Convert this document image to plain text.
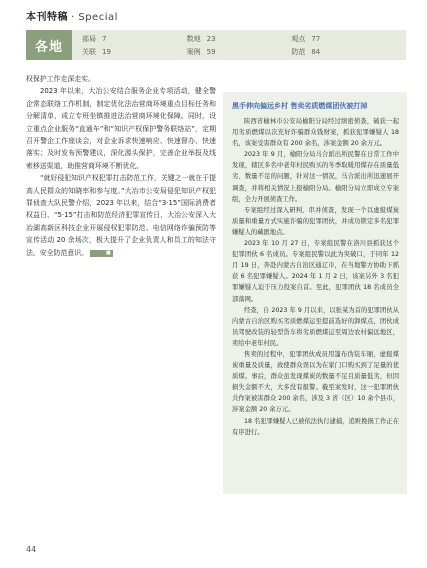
本刊特稿 · Special
各地
部局 7	数地 23	观点 77
关联 19	案例 59	防范 84

权保护工作走深走实。

2023 年以来，大冶公安结合服务企业专项活动，健全警企常态联络工作机制，制定优化法治营商环境重点目标任务和分解清单，成立专班坐镇推进法治营商环境化保障。同时，设立重点企业服务“直通车”和“知识产权保护警务联络站”，定期召开警企工作座谈会，对企业诉求快速响应、快速督办、快速落实；及时发布预警建议，深化源头保护，完善企业举报及线索移送渠道，助推营商环境不断优化。

“就好侵犯知识产权犯罪打击防范工作，关键之一就在于提高人民群众的知晓率和参与度。”大冶市公安局侵犯知识产权犯罪侦查大队民警介绍，2023 年以来，结合“3·15”国际消费者权益日、“5·15”打击和防范经济犯罪宣传日，大冶公安深入大冶湖高新区科技企业开展侵权犯罪防范、电信网络诈骗预防等宣传活动 20 余场次，极大提升了企业负责人和员工的知法守法、安全防范意识。	■

黑手伸向偏远乡村 售卖劣质燃煤团伙被打掉

陕西省榆林市公安局榆阳分局经过缜密侦查，破获一起用劣质燃煤以次充好诈骗群众钱财案，抓获犯罪嫌疑人 18 名，该案受害群众有 200 余名，涉案金额 20 余万元。

2023 年 9 月，榆阳分局马合派出所民警在日常工作中发现，辖区多名中老年村民购买的冬季取暖用煤存在质量低劣、数量不足的问题，针对这一情况，马合派出所迅速展开调查，并将相关情况上报榆阳分局。榆阳分局立即成立专案组，全力开展侦查工作。

专案组经过深入研判、串并侦查，发现一个以虚报煤炭质量和重量方式实施诈骗的犯罪团伙，并成功锁定多名犯罪嫌疑人的藏匿地点。

2023 年 10 月 27 日，专案组民警在洛川县抓获这个犯罪团伙 6 名成员。专案组民警以此为突破口，于同年 12 月 19 日，奔赴内蒙古自治区通辽市，在当地警方协助下抓获 6 名犯罪嫌疑人。2024 年 1 月 2 日，该案另外 3 名犯罪嫌疑人迫于压力投案自首。至此，犯罪团伙 18 名成员全部落网。

经查，自 2023 年 9 月以来，以张某为首的犯罪团伙从内蒙古自治区购买劣质燃煤运至提前选好的卸煤点，团伙成员驾驶改装的轻型货车将劣质燃煤运至周边农村偏远地区，卖给中老年村民。

售卖的过程中，犯罪团伙成员用篷布伪装车厢，虚报煤炭重量及质量，致使群众误以为在家门口购买到了足量的优质煤。事后，群众虽发现煤炭的数量不足且质量低劣，但因损失金额不大，大多没有报警。截至案发时，这一犯罪团伙共作案被害群众 200 余名，涉及 3 省（区）10 余个县市，涉案金额 20 余万元。

18 名犯罪嫌疑人已被依法执行逮捕，追赃挽损工作正在有序进行。

44
